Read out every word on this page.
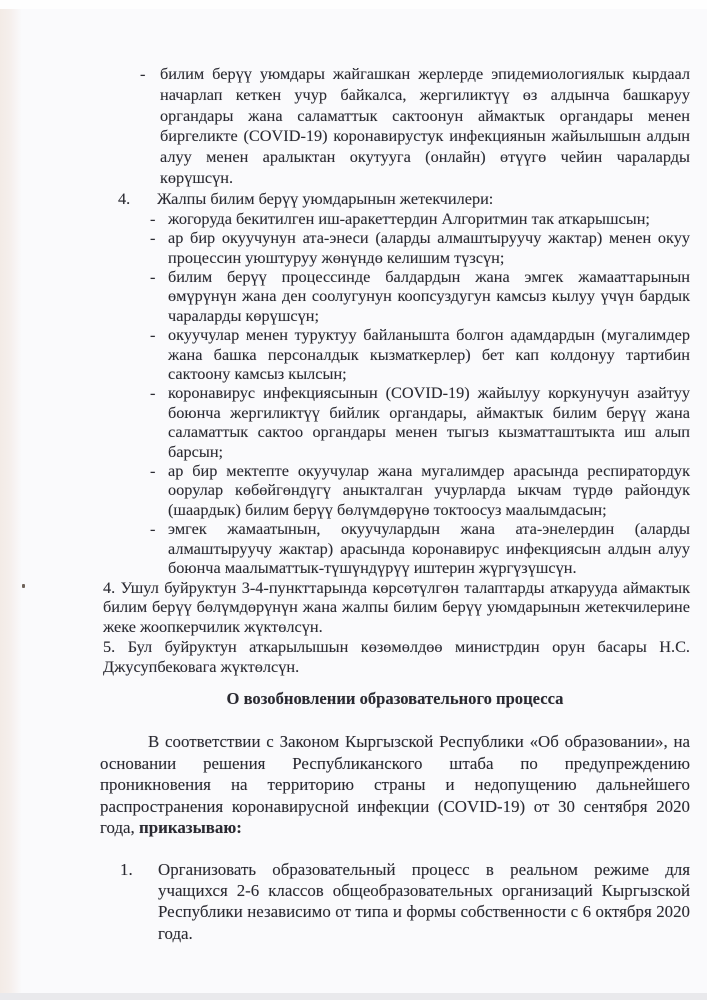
- билим берүү уюмдары жайгашкан жерлерде эпидемиологиялык кырдаал начарлап кеткен учур байкалса, жергиликтүү өз алдынча башкаруу органдары жана саламаттык сактоонун аймактык органдары менен биргеликте (COVID-19) коронавирустук инфекциянын жайылышын алдын алуу менен аралыктан окутууга (онлайн) өтүүгө чейин чараларды көрүшсүн.
4.	Жалпы билим берүү уюмдарынын жетекчилери:
- жогоруда бекитилген иш-аракеттердин Алгоритмин так аткарышсын;
- ар бир окуучунун ата-энеси (аларды алмаштыруучу жактар) менен окуу процессин уюштуруу жөнүндө келишим түзсүн;
- билим берүү процессинде балдардын жана эмгек жамааттарынын өмүрүнүн жана ден соолугунун коопсуздугун камсыз кылуу үчүн бардык чараларды көрүшсүн;
- окуучулар менен туруктуу байланышта болгон адамдардын (мугалимдер жана башка персоналдык кызматкерлер) бет кап колдонуу тартибин сактоону камсыз кылсын;
- коронавирус инфекциясынын (COVID-19) жайылуу коркунучун азайтуу боюнча жергиликтүү бийлик органдары, аймактык билим берүү жана саламаттык сактоо органдары менен тыгыз кызматташтыкта иш алып барсын;
- ар бир мектепте окуучулар жана мугалимдер арасында респиратордук оорулар көбөйгөндүгү аныкталган учурларда ыкчам түрдө райондук (шаардык) билим берүү бөлүмдөрүнө токтоосуз маалымдасын;
- эмгек жамаатынын, окуучулардын жана ата-энелердин (аларды алмаштыруучу жактар) арасында коронавирус инфекциясын алдын алуу боюнча маалыматтык-түшүндүрүү иштерин жүргүзүшсүн.

4. Ушул буйруктун 3-4-пункттарында көрсөтүлгөн талаптарды аткарууда аймактык билим берүү бөлүмдөрүнүн жана жалпы билим берүү уюмдарынын жетекчилерине жеке жоопкерчилик жүктөлсүн.

5. Бул буйруктун аткарылышын көзөмөлдөө министрдин орун басары Н.С. Джусупбековага жүктөлсүн.

О возобновлении образовательного процесса

В соответствии с Законом Кыргызской Республики «Об образовании», на основании решения Республиканского штаба по предупреждению проникновения на территорию страны и недопущению дальнейшего распространения коронавирусной инфекции (COVID-19) от 30 сентября 2020 года, приказываю:

1.	Организовать образовательный процесс в реальном режиме для учащихся 2-6 классов общеобразовательных организаций Кыргызской Республики независимо от типа и формы собственности с 6 октября 2020 года.
